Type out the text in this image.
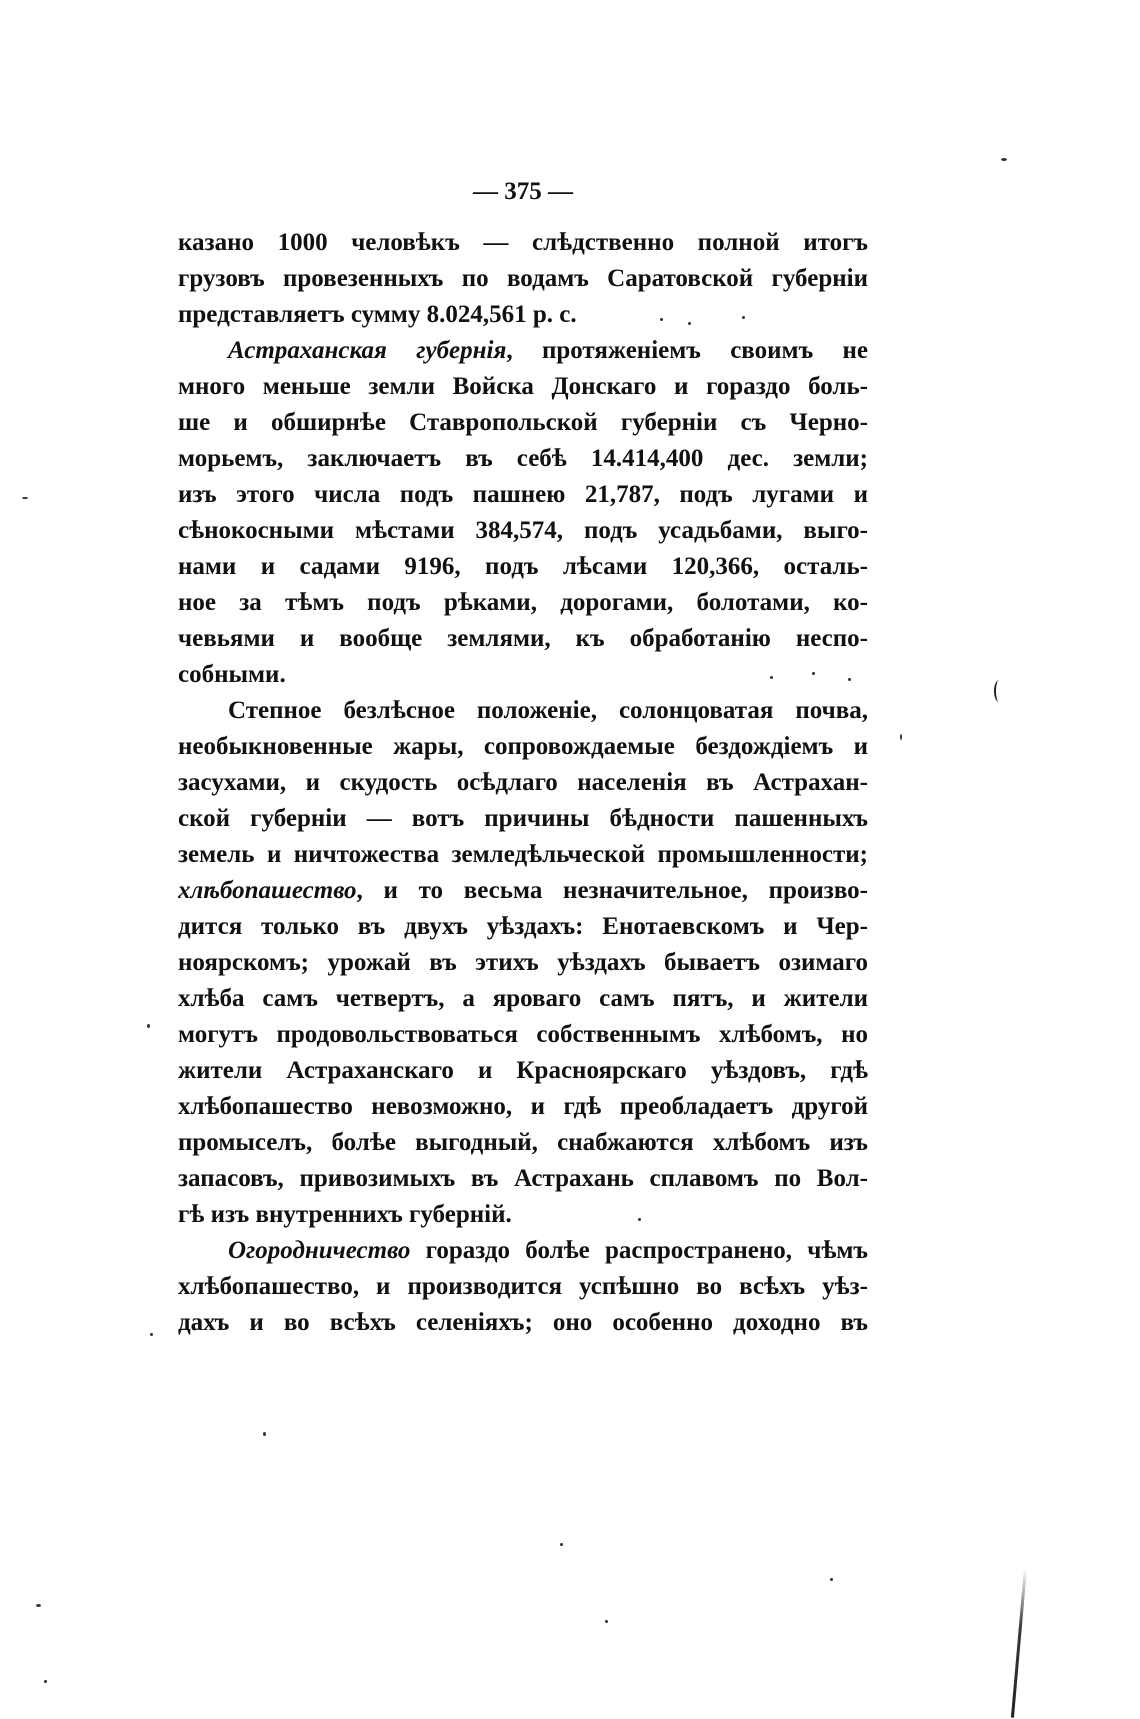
— 375 —
казано 1000 человѣкъ — слѣдственно полной итогъ
грузовъ провезенныхъ по водамъ Саратовской губерніи
представляетъ сумму 8.024,561 р. с.
Астраханская губернія, протяженіемъ своимъ не
много меньше земли Войска Донскаго и гораздо боль-
ше и обширнѣе Ставропольской губерніи съ Черно-
морьемъ, заключаетъ въ себѣ 14.414,400 дес. земли;
изъ этого числа подъ пашнею 21,787, подъ лугами и
сѣнокосными мѣстами 384,574, подъ усадьбами, выго-
нами и садами 9196, подъ лѣсами 120,366, осталь-
ное за тѣмъ подъ рѣками, дорогами, болотами, ко-
чевьями и вообще землями, къ обработанію неспо-
собными.
Степное безлѣсное положеніе, солонцоватая почва,
необыкновенные жары, сопровождаемые бездождіемъ и
засухами, и скудость осѣдлаго населенія въ Астрахан-
ской губерніи — вотъ причины бѣдности пашенныхъ
земель и ничтожества земледѣльческой промышленности;
хлѣбопашество, и то весьма незначительное, произво-
дится только въ двухъ уѣздахъ: Енотаевскомъ и Чер-
ноярскомъ; урожай въ этихъ уѣздахъ бываетъ озимаго
хлѣба самъ четвертъ, а яроваго самъ пятъ, и жители
могутъ продовольствоваться собственнымъ хлѣбомъ, но
жители Астраханскаго и Красноярскаго уѣздовъ, гдѣ
хлѣбопашество невозможно, и гдѣ преобладаетъ другой
промыселъ, болѣе выгодный, снабжаются хлѣбомъ изъ
запасовъ, привозимыхъ въ Астрахань сплавомъ по Вол-
гѣ изъ внутреннихъ губерній.
Огородничество гораздо болѣе распространено, чѣмъ
хлѣбопашество, и производится успѣшно во всѣхъ уѣз-
дахъ и во всѣхъ селеніяхъ; оно особенно доходно въ
